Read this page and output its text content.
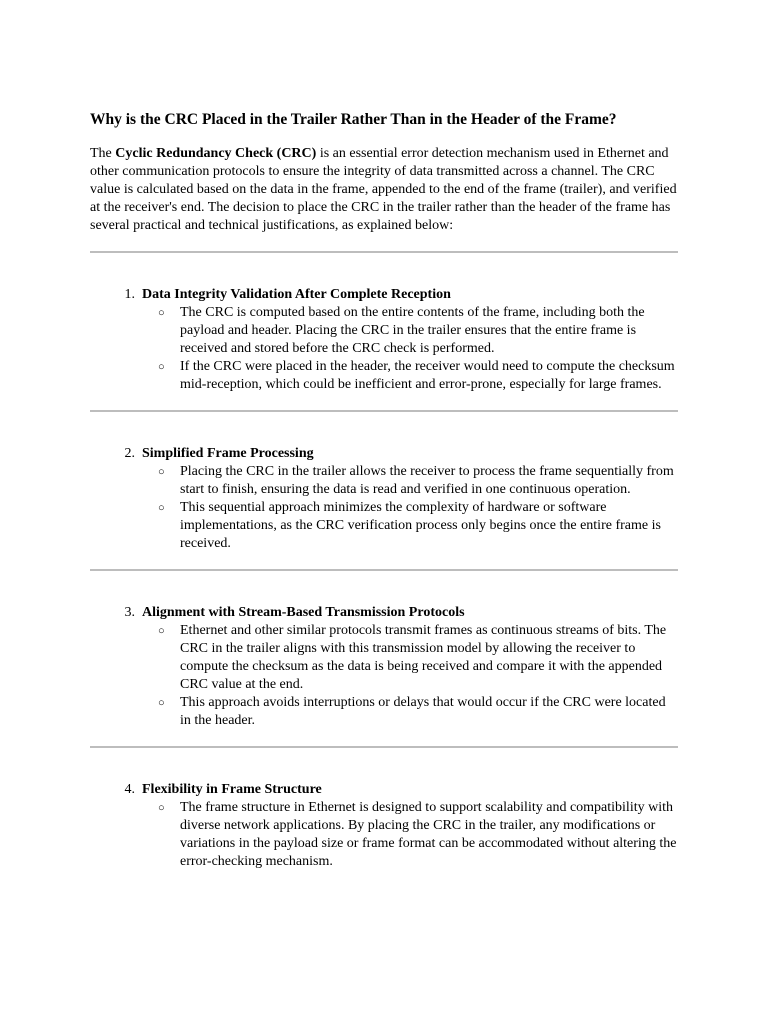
Why is the CRC Placed in the Trailer Rather Than in the Header of the Frame?

The Cyclic Redundancy Check (CRC) is an essential error detection mechanism used in Ethernet and other communication protocols to ensure the integrity of data transmitted across a channel. The CRC value is calculated based on the data in the frame, appended to the end of the frame (trailer), and verified at the receiver's end. The decision to place the CRC in the trailer rather than the header of the frame has several practical and technical justifications, as explained below:

1. Data Integrity Validation After Complete Reception
○ The CRC is computed based on the entire contents of the frame, including both the payload and header. Placing the CRC in the trailer ensures that the entire frame is received and stored before the CRC check is performed.
○ If the CRC were placed in the header, the receiver would need to compute the checksum mid-reception, which could be inefficient and error-prone, especially for large frames.
2. Simplified Frame Processing
○ Placing the CRC in the trailer allows the receiver to process the frame sequentially from start to finish, ensuring the data is read and verified in one continuous operation.
○ This sequential approach minimizes the complexity of hardware or software implementations, as the CRC verification process only begins once the entire frame is received.
3. Alignment with Stream-Based Transmission Protocols
○ Ethernet and other similar protocols transmit frames as continuous streams of bits. The CRC in the trailer aligns with this transmission model by allowing the receiver to compute the checksum as the data is being received and compare it with the appended CRC value at the end.
○ This approach avoids interruptions or delays that would occur if the CRC were located in the header.
4. Flexibility in Frame Structure
○ The frame structure in Ethernet is designed to support scalability and compatibility with diverse network applications. By placing the CRC in the trailer, any modifications or variations in the payload size or frame format can be accommodated without altering the error-checking mechanism.
